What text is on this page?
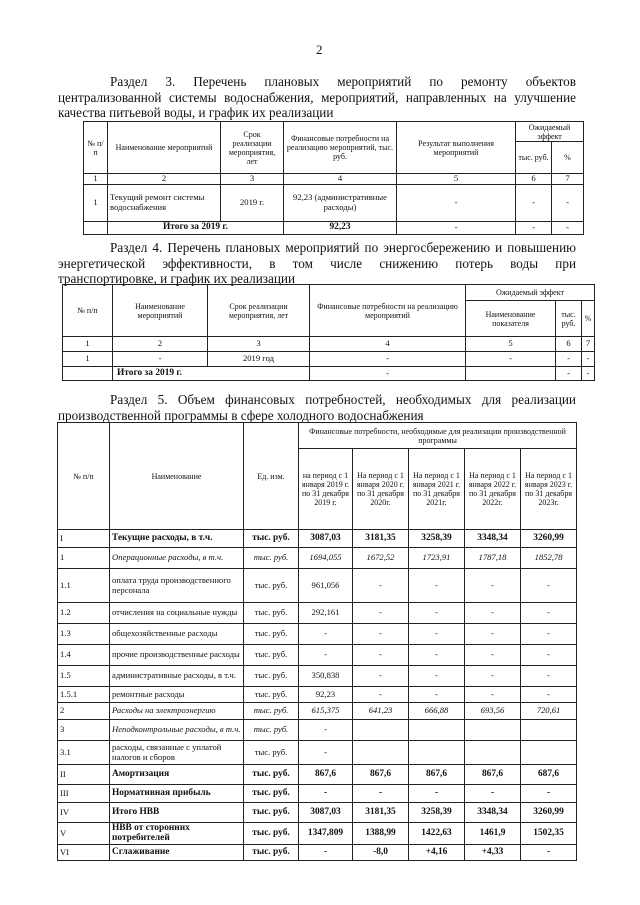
2
Раздел 3. Перечень плановых мероприятий по ремонту объектов
централизованной системы водоснабжения, мероприятий, направленных на улучшение
качества питьевой воды, и график их реализации
№ п/п	Наименование мероприятий	Срок реализации мероприятия, лет	Финансовые потребности на реализацию мероприятий, тыс. руб.	Результат выполнения мероприятий	Ожидаемый эффект	
					тыс. руб.	%
1	2	3	4	5	6	7
1	Текущий ремонт системы водоснабжения	2019 г.	92,23 (административные расходы)	-	-	-
	Итого за 2019 г.		92,23	-	-	-
Раздел 4. Перечень плановых мероприятий по энергосбережению и повышению
энергетической эффективности, в том числе снижению потерь воды при
транспортировке, и график их реализации
№ п/п	Наименование мероприятий	Срок реализации мероприятия, лет	Финансовые потребности на реализацию мероприятий	Ожидаемый эффект		
				Наименование показателя	тыс. руб.	%
1	2	3	4	5	6	7
1	-	2019 год	-	-	-	-
	Итого за 2019 г.		-		-	-
Раздел 5. Объем финансовых потребностей, необходимых для реализации
производственной программы в сфере холодного водоснабжения
№ п/п	Наименование	Ед. изм.	Финансовые потребности, необходимые для реализации производственной программы				
			на период с 1 января 2019 г. по 31 декабря 2019 г.	На период с 1 января 2020 г. по 31 декабря 2020г.	На период с 1 января 2021 г. по 31 декабря 2021г.	На период с 1 января 2022 г. по 31 декабря 2022г.	На период с 1 января 2023 г. по 31 декабря 2023г.
I	Текущие расходы, в т.ч.	тыс. руб.	3087,03	3181,35	3258,39	3348,34	3260,99
1	Операционные расходы, в т.ч.	тыс. руб.	1694,055	1672,52	1723,91	1787,18	1852,78
1.1	оплата труда производственного персонала	тыс. руб.	961,056	-	-	-	-
1.2	отчисления на социальные нужды	тыс. руб.	292,161	-	-	-	-
1.3	общехозяйственные расходы	тыс. руб.	-	-	-	-	-
1.4	прочие производственные расходы	тыс. руб.	-	-	-	-	-
1.5	административные расходы, в т.ч.	тыс. руб.	350,838	-	-	-	-
1.5.1	ремонтные расходы	тыс. руб.	92,23	-	-	-	-
2	Расходы на электроэнергию	тыс. руб.	615,375	641,23	666,88	693,56	720,61
3	Неподконтрольные расходы, в т.ч.	тыс. руб.	-				
3.1	расходы, связанные с уплатой налогов и сборов	тыс. руб.	-				
II	Амортизация	тыс. руб.	867,6	867,6	867,6	867,6	687,6
III	Нормативная прибыль	тыс. руб.	-	-	-	-	-
IV	Итого НВВ	тыс. руб.	3087,03	3181,35	3258,39	3348,34	3260,99
V	НВВ от сторонних потребителей	тыс. руб.	1347,809	1388,99	1422,63	1461,9	1502,35
VI	Сглаживание	тыс. руб.	-	-8,0	+4,16	+4,33	-
